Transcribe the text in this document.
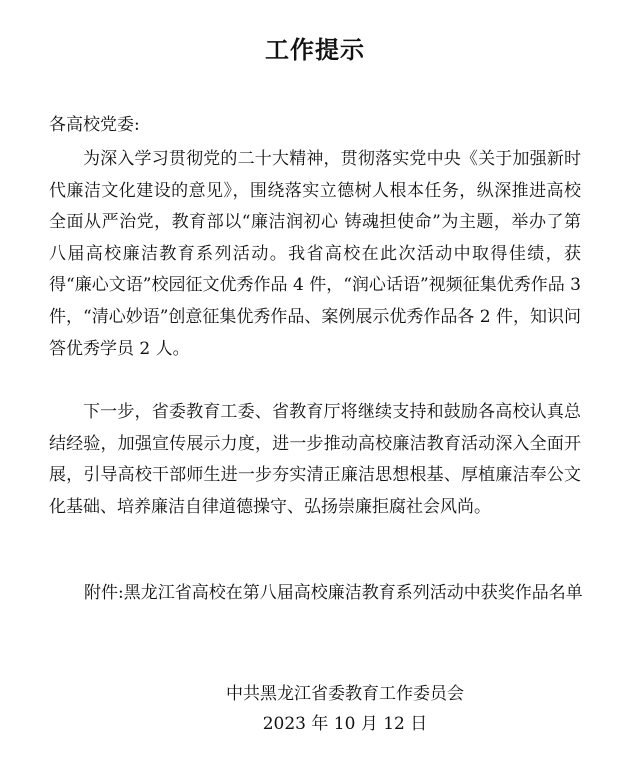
工作提示
各高校党委:

为深入学习贯彻党的二十大精神，贯彻落实党中央《关于加强新时代廉洁文化建设的意见》，围绕落实立德树人根本任务，纵深推进高校全面从严治党，教育部以“廉洁润初心 铸魂担使命”为主题，举办了第八届高校廉洁教育系列活动。我省高校在此次活动中取得佳绩，获得“廉心文语”校园征文优秀作品 4 件，“润心话语”视频征集优秀作品 3 件，“清心妙语”创意征集优秀作品、案例展示优秀作品各 2 件，知识问答优秀学员 2 人。

下一步，省委教育工委、省教育厅将继续支持和鼓励各高校认真总结经验，加强宣传展示力度，进一步推动高校廉洁教育活动深入全面开展，引导高校干部师生进一步夯实清正廉洁思想根基、厚植廉洁奉公文化基础、培养廉洁自律道德操守、弘扬崇廉拒腐社会风尚。

附件: 黑龙江省高校在第八届高校廉洁教育系列活动中获奖作品名单
中共黑龙江省委教育工作委员会
2023 年 10 月 12 日
